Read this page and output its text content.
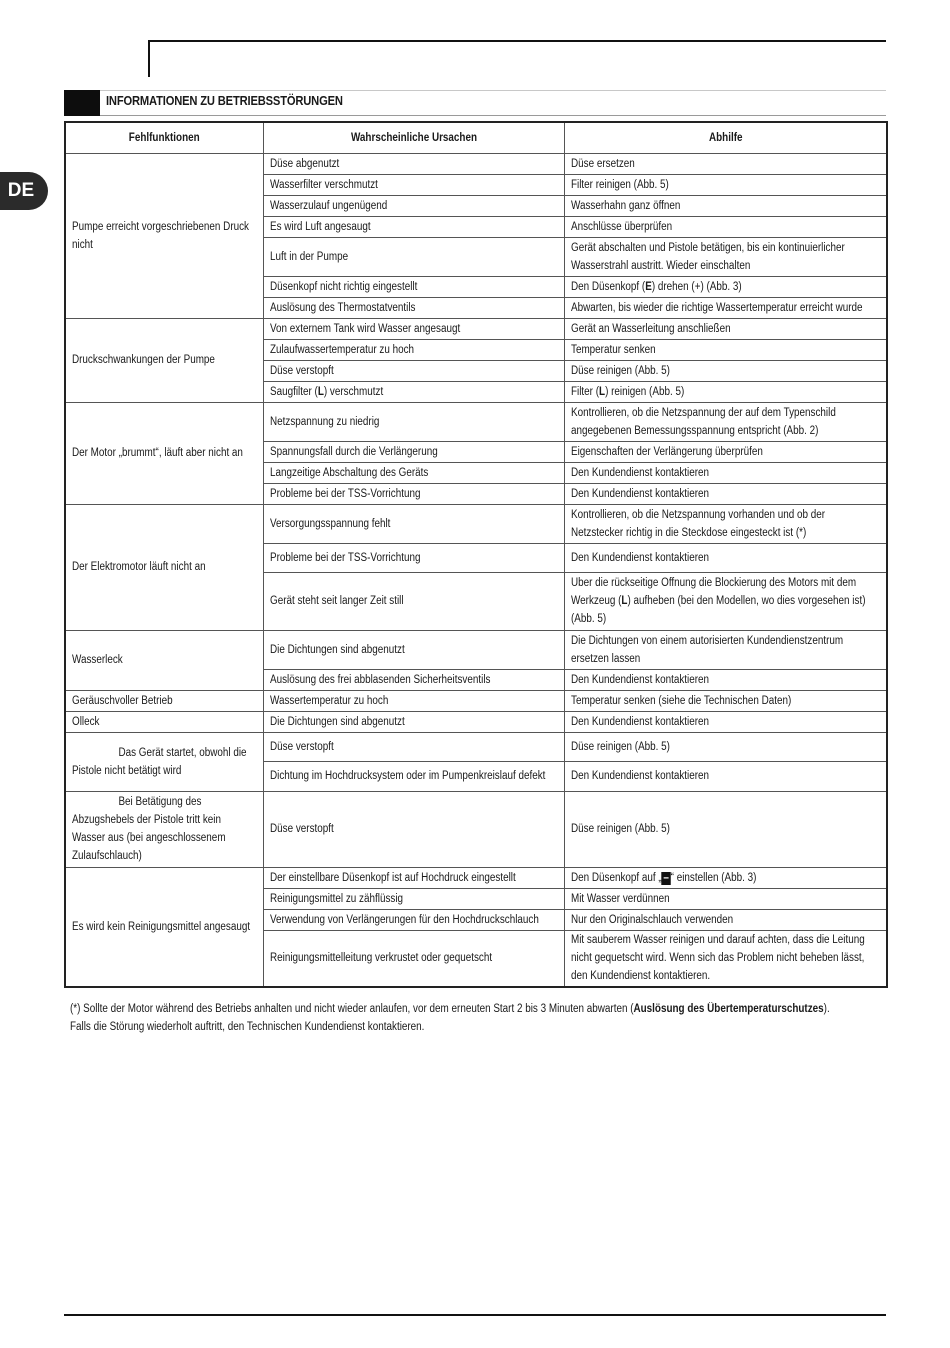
DE
INFORMATIONEN ZU BETRIEBSSTÖRUNGEN
Fehlfunktionen	Wahrscheinliche Ursachen	Abhilfe

Pumpe erreicht vorgeschriebenen Druck nicht	Düse abgenutzt	Düse ersetzen

	Wasserfilter verschmutzt	Filter reinigen (Abb. 5)

	Wasserzulauf ungenügend	Wasserhahn ganz öffnen

	Es wird Luft angesaugt	Anschlüsse überprüfen

	Luft in der Pumpe	Gerät abschalten und Pistole betätigen, bis ein kontinuierlicher Wasserstrahl austritt. Wieder einschalten

	Düsenkopf nicht richtig eingestellt	Den Düsenkopf (E) drehen (+) (Abb. 3)

	Auslösung des Thermostatventils	Abwarten, bis wieder die richtige Wassertemperatur erreicht wurde

Druckschwankungen der Pumpe	Von externem Tank wird Wasser angesaugt	Gerät an Wasserleitung anschließen

	Zulaufwassertemperatur zu hoch	Temperatur senken

	Düse verstopft	Düse reinigen (Abb. 5)

	Saugfilter (L) verschmutzt	Filter (L) reinigen (Abb. 5)

Der Motor „brummt“, läuft aber nicht an	Netzspannung zu niedrig	Kontrollieren, ob die Netzspannung der auf dem Typenschild angegebenen Bemessungsspannung entspricht (Abb. 2)

	Spannungsfall durch die Verlängerung	Eigenschaften der Verlängerung überprüfen

	Langzeitige Abschaltung des Geräts	Den Kundendienst kontaktieren

	Probleme bei der TSS-Vorrichtung	Den Kundendienst kontaktieren

Der Elektromotor läuft nicht an	Versorgungsspannung fehlt	Kontrollieren, ob die Netzspannung vorhanden und ob der Netzstecker richtig in die Steckdose eingesteckt ist (*)

	Probleme bei der TSS-Vorrichtung	Den Kundendienst kontaktieren

	Gerät steht seit langer Zeit still	Über die rückseitige Öffnung die Blockierung des Motors mit dem Werkzeug (L) aufheben (bei den Modellen, wo dies vorgesehen ist) (Abb. 5)

Wasserleck	Die Dichtungen sind abgenutzt	Die Dichtungen von einem autorisierten Kundendienstzentrum ersetzen lassen

	Auslösung des frei abblasenden Sicherheitsventils	Den Kundendienst kontaktieren

Geräuschvoller Betrieb	Wassertemperatur zu hoch	Temperatur senken (siehe die Technischen Daten)

Ölleck	Die Dichtungen sind abgenutzt	Den Kundendienst kontaktieren

Das Gerät startet, obwohl die Pistole nicht betätigt wird	Düse verstopft	Düse reinigen (Abb. 5)

	Dichtung im Hochdrucksystem oder im Pumpenkreislauf defekt	Den Kundendienst kontaktieren

Bei Betätigung des Abzugshebels der Pistole tritt kein Wasser aus (bei angeschlossenem Zulaufschlauch)	Düse verstopft	Düse reinigen (Abb. 5)

Es wird kein Reinigungsmittel angesaugt	Der einstellbare Düsenkopf ist auf Hochdruck eingestellt	Den Düsenkopf auf „ – “ einstellen (Abb. 3)

	Reinigungsmittel zu zähflüssig	Mit Wasser verdünnen

	Verwendung von Verlängerungen für den Hochdruckschlauch	Nur den Originalschlauch verwenden

	Reinigungsmittelleitung verkrustet oder gequetscht	Mit sauberem Wasser reinigen und darauf achten, dass die Leitung nicht gequetscht wird. Wenn sich das Problem nicht beheben lässt, den Kundendienst kontaktieren.
(*) Sollte der Motor während des Betriebs anhalten und nicht wieder anlaufen, vor dem erneuten Start 2 bis 3 Minuten abwarten (Auslösung des Übertemperaturschutzes).
Falls die Störung wiederholt auftritt, den Technischen Kundendienst kontaktieren.
